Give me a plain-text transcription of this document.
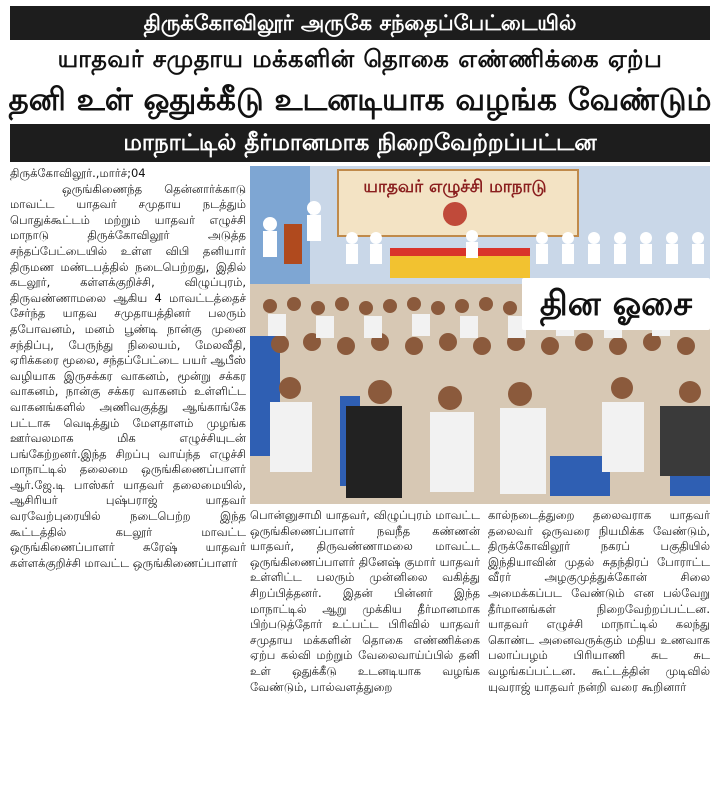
திருக்கோவிலூர் அருகே சந்தைப்பேட்டையில்
யாதவர் சமுதாய மக்களின் தொகை எண்ணிக்கை ஏற்ப
தனி உள் ஒதுக்கீடு உடனடியாக வழங்க வேண்டும்
மாநாட்டில் தீர்மானமாக நிறைவேற்றப்பட்டன

திருக்கோவிலூர்.,மார்ச்;04

ஒருங்கிணைந்த தென்னார்க்காடு மாவட்ட யாதவர் சமுதாய நடத்தும் பொதுக்கூட்டம் மற்றும் யாதவர் எழுச்சி மாநாடு திருக்கோவிலூர் அடுத்த சந்தப்பேட்டையில் உள்ள விபி தனியார் திருமண மண்டபத்தில் நடைபெற்றது, இதில் கடலூர், கள்ளக்குறிச்சி, விழுப்புரம், திருவண்ணாமலை ஆகிய 4 மாவட்டத்தைச் சேர்ந்த யாதவ சமுதாயத்தினர் பலரும் தபோவனம், மனம் பூண்டி நான்கு முனை சந்திப்பு, பேருந்து நிலையம், மேலவீதி, ஏரிக்கரை மூலை, சந்தப்பேட்டை பயர் ஆபீஸ் வழியாக இருசக்கர வாகனம், மூன்று சக்கர வாகனம், நான்கு சக்கர வாகனம் உள்ளிட்ட வாகனங்களில் அணிவகுத்து ஆங்காங்கே பட்டாசு வெடித்தும் மேளதாளம் முழங்க ஊர்வலமாக மிக எழுச்சியுடன் பங்கேற்றனர்.இந்த சிறப்பு வாய்ந்த எழுச்சி மாநாட்டில் தலைமை ஒருங்கிணைப்பாளர் ஆர்.ஜே.டி பாஸ்கர் யாதவர் தலைமையில், ஆசிரியர் புஷ்பராஜ் யாதவர் வரவேற்புரையில் நடைபெற்ற இந்த கூட்டத்தில் கடலூர் மாவட்ட ஒருங்கிணைப்பாளர் சுரேஷ் யாதவர் கள்ளக்குறிச்சி மாவட்ட ஒருங்கிணைப்பாளர்

யாதவர் எழுச்சி மாநாடு
தின ஓசை

பொன்னுசாமி யாதவர், விழுப்புரம் மாவட்ட ஒருங்கிணைப்பாளர் நவநீத கண்ணன் யாதவர், திருவண்ணாமலை மாவட்ட ஒருங்கிணைப்பாளர் தினேஷ் குமார் யாதவர் உள்ளிட்ட பலரும் முன்னிலை வகித்து சிறப்பித்தனர். இதன் பின்னர் இந்த மாநாட்டில் ஆறு முக்கிய தீர்மானமாக பிற்படுத்தோர் உட்பட்ட பிரிவில் யாதவர் சமுதாய மக்களின் தொகை எண்ணிக்கை ஏற்ப கல்வி மற்றும் வேலைவாய்ப்பில் தனி உள் ஒதுக்கீடு உடனடியாக வழங்க வேண்டும், பால்வளத்துறை

கால்நடைத்துறை தலைவராக யாதவர் தலைவர் ஒருவரை நியமிக்க வேண்டும், திருக்கோவிலூர் நகரப் பகுதியில் இந்தியாவின் முதல் சுதந்திரப் போராட்ட வீரர் அழகுமுத்துக்கோன் சிலை அமைக்கப்பட வேண்டும் என பல்வேறு தீர்மானங்கள் நிறைவேற்றப்பட்டன. யாதவர் எழுச்சி மாநாட்டில் கலந்து கொண்ட அனைவருக்கும் மதிய உணவாக பலாப்பழம் பிரியாணி சுட சுட வழங்கப்பட்டன. கூட்டத்தின் முடிவில் யுவராஜ் யாதவர் நன்றி வரை கூறினார்
